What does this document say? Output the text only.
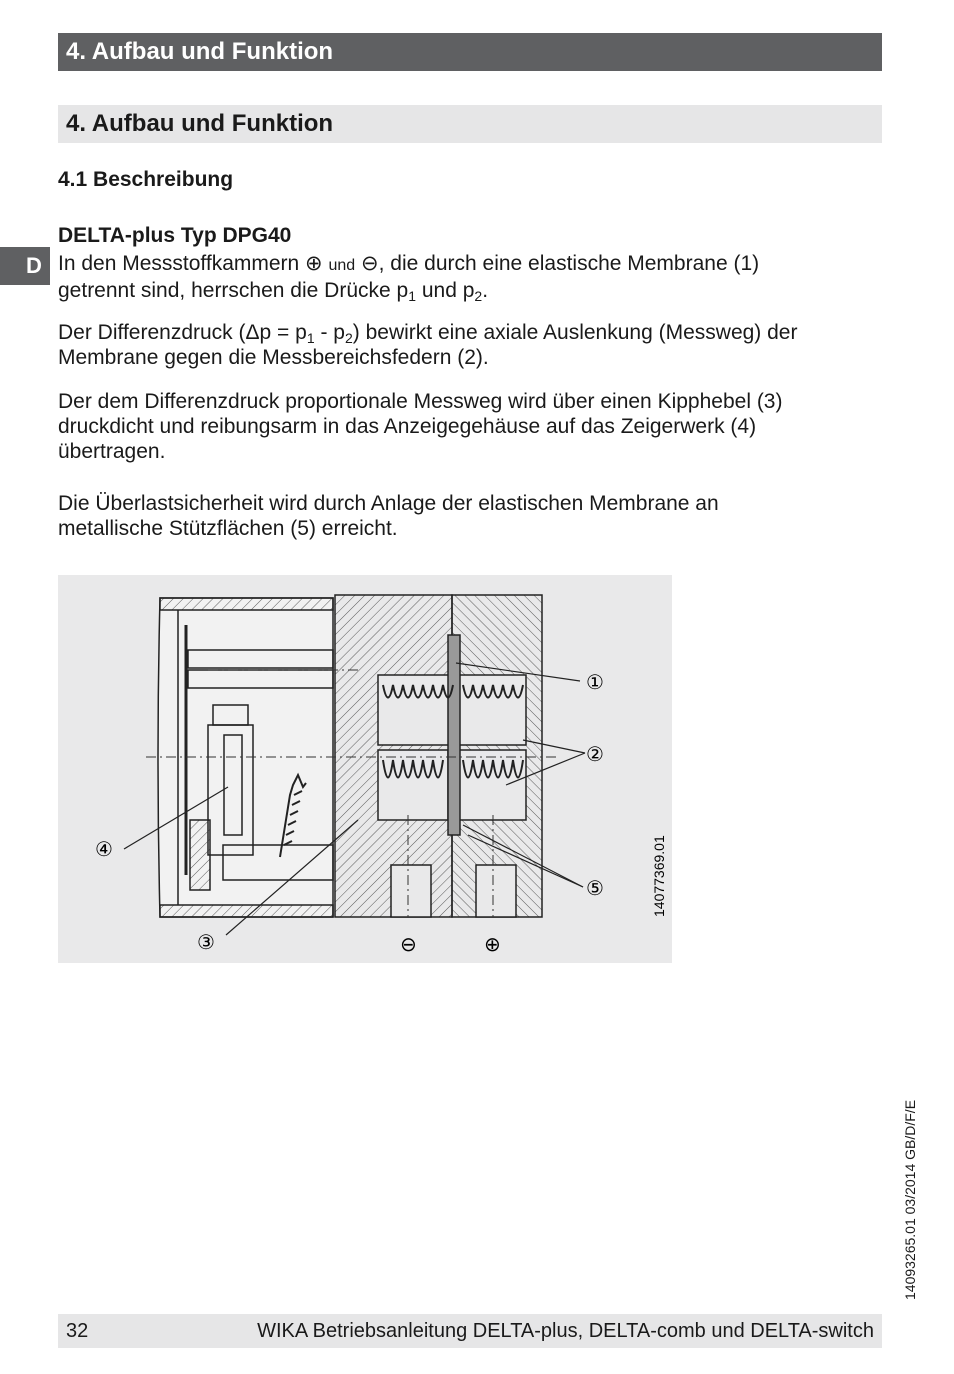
4. Aufbau und Funktion
4. Aufbau und Funktion
4.1 Beschreibung
D
DELTA-plus Typ DPG40

In den Messstoffkammern ⊕ und ⊖, die durch eine elastische Membrane (1)
getrennt sind, herrschen die Drücke $p_1$ und $p_2$.

Der Differenzdruck $(\Delta p = p_1 - p_2)$ bewirkt eine axiale Auslenkung (Messweg) der
Membrane gegen die Messbereichsfedern (2).

Der dem Differenzdruck proportionale Messweg wird über einen Kipphebel (3)
druckdicht und reibungsarm in das Anzeigegehäuse auf das Zeigerwerk (4)
übertragen.

Die Überlastsicherheit wird durch Anlage der elastischen Membrane an
metallische Stützflächen (5) erreicht.

①
②
⑤
④
③	⊖	⊕
14077369.01
14093265.01 03/2014 GB/D/F/E
32	WIKA Betriebsanleitung DELTA-plus, DELTA-comb und DELTA-switch
